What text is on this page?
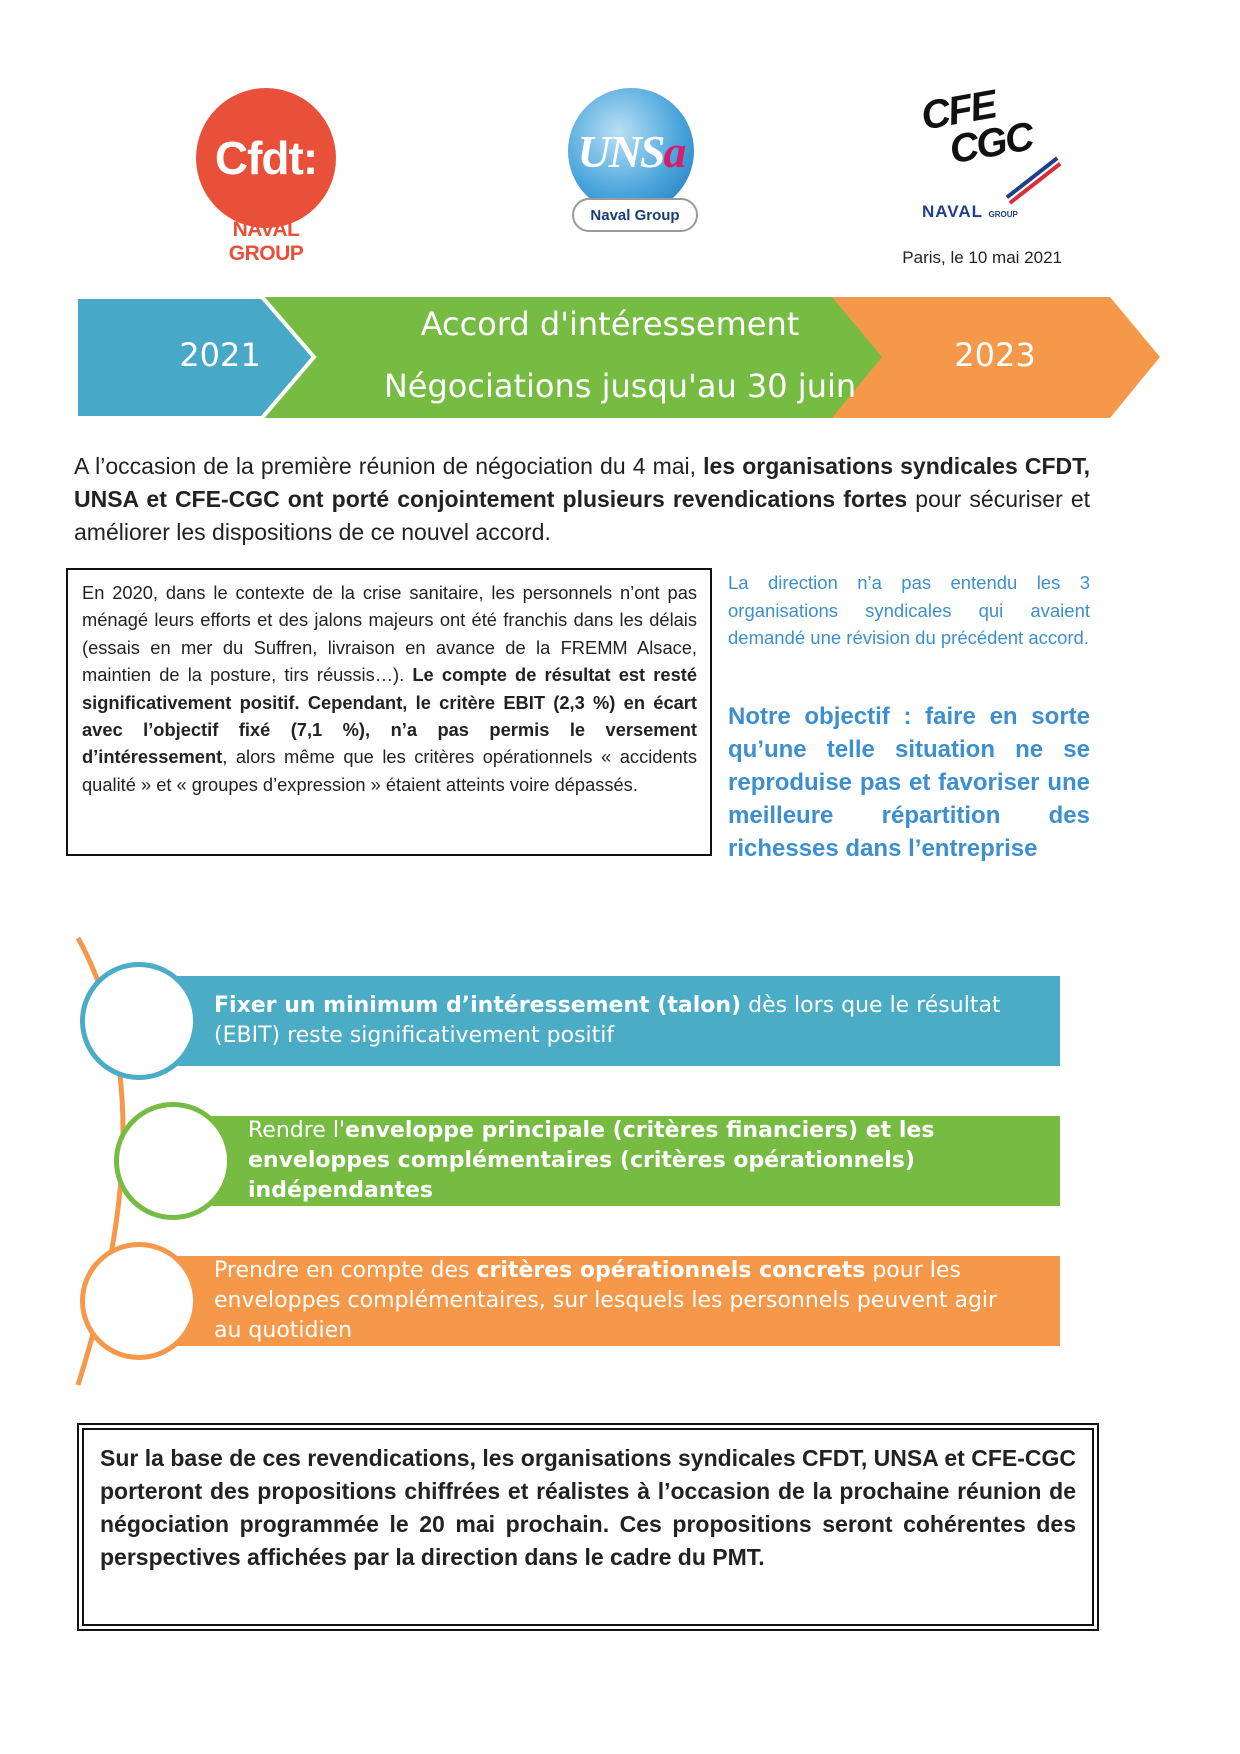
Cfdt:
NAVAL GROUP
UNS a
Naval Group
CFE
CGC
NAVAL GROUP
Paris, le 10 mai 2021
2021
Accord d'intéressement
Négociations jusqu'au 30 juin
2023
A l’occasion de la première réunion de négociation du 4 mai, les organisations syndicales CFDT, UNSA et CFE-CGC ont porté conjointement plusieurs revendications fortes pour sécuriser et améliorer les dispositions de ce nouvel accord.
En 2020, dans le contexte de la crise sanitaire, les personnels n’ont pas ménagé leurs efforts et des jalons majeurs ont été franchis dans les délais (essais en mer du Suffren, livraison en avance de la FREMM Alsace, maintien de la posture, tirs réussis…). Le compte de résultat est resté significativement positif. Cependant, le critère EBIT (2,3 %) en écart avec l’objectif fixé (7,1 %), n’a pas permis le versement d’intéressement, alors même que les critères opérationnels « accidents qualité » et « groupes d’expression » étaient atteints voire dépassés.
La direction n’a pas entendu les 3 organisations syndicales qui avaient demandé une révision du précédent accord.
Notre objectif : faire en sorte qu’une telle situation ne se reproduise pas et favoriser une meilleure répartition des richesses dans l’entreprise
Fixer un minimum d’intéressement (talon) dès lors que le résultat (EBIT) reste significativement positif
Rendre l'enveloppe principale (critères financiers) et les enveloppes complémentaires (critères opérationnels) indépendantes
Prendre en compte des critères opérationnels concrets pour les enveloppes complémentaires, sur lesquels les personnels peuvent agir au quotidien
Sur la base de ces revendications, les organisations syndicales CFDT, UNSA et CFE-CGC porteront des propositions chiffrées et réalistes à l’occasion de la prochaine réunion de négociation programmée le 20 mai prochain. Ces propositions seront cohérentes des perspectives affichées par la direction dans le cadre du PMT.
